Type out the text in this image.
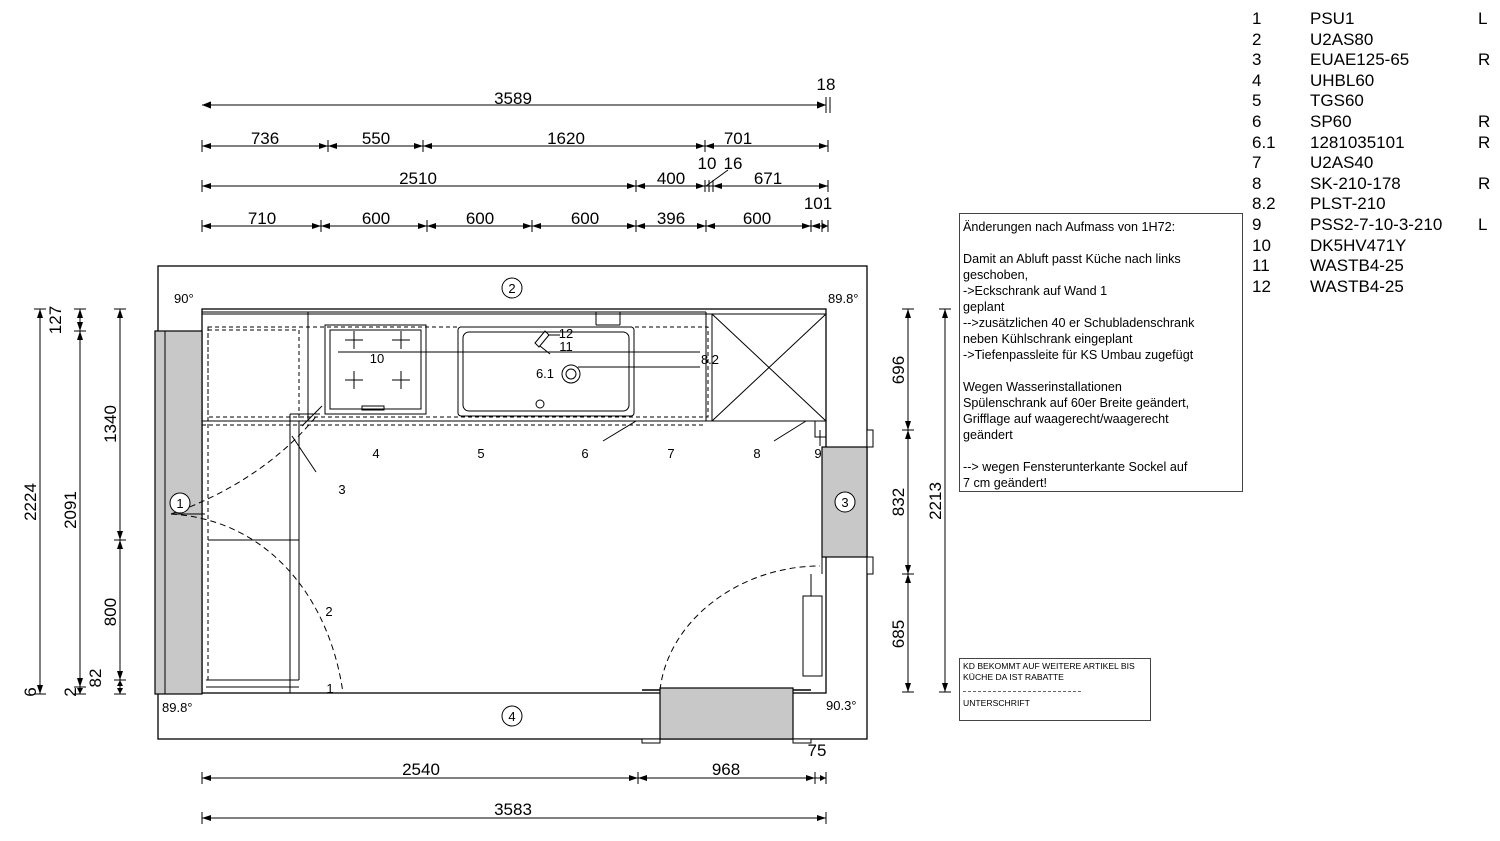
3589
18
736	550	1620	701
2510	400
10 16
671
710	600	600	600	396	600
101
2224
6
2091
2
127
1340
800
82
696
832
685
2213
2540	968
75
3583
90°	89.8°
89.8°	90.3°
1
2
3
4
1
2
3
4	5	6
6.1
7	8
8.2
9
10
11
12

Änderungen nach Aufmass von 1H72:

Damit an Abluft passt Küche nach links
geschoben,
->Eckschrank auf Wand 1
geplant
-->zusätzlichen 40 er Schubladenschrank
neben Kühlschrank eingeplant
->Tiefenpassleite für KS Umbau zugefügt

Wegen Wasserinstallationen
Spülenschrank auf 60er Breite geändert,
Grifflage auf waagerecht/waagerecht
geändert

--> wegen Fensterunterkante Sockel auf
7 cm geändert!

KD BEKOMMT AUF WEITERE ARTIKEL BIS
KÜCHE DA IST RABATTE
UNTERSCHRIFT
1	PSU1	L
2	U2AS80
3	EUAE125-65	R
4	UHBL60
5	TGS60
6	SP60	R
6.1	1281035101	R
7	U2AS40
8	SK-210-178	R
8.2	PLST-210
9	PSS2-7-10-3-210	L
10	DK5HV471Y
11	WASTB4-25
12	WASTB4-25
